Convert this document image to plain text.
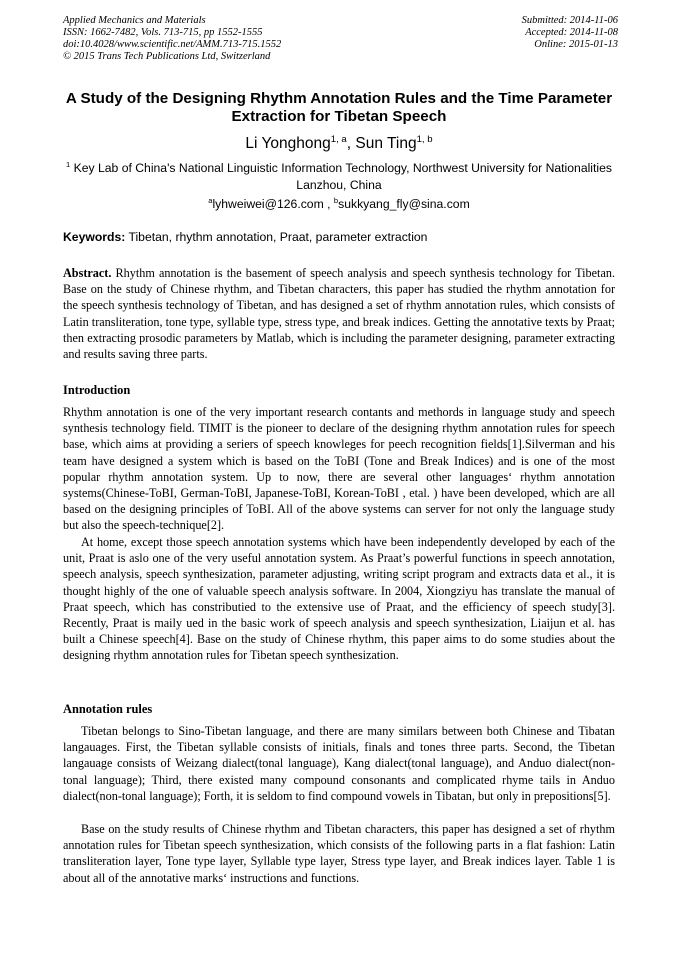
Applied Mechanics and Materials
ISSN: 1662-7482, Vols. 713-715, pp 1552-1555
doi:10.4028/www.scientific.net/AMM.713-715.1552
© 2015 Trans Tech Publications Ltd, Switzerland
Submitted: 2014-11-06
Accepted: 2014-11-08
Online: 2015-01-13
A Study of the Designing Rhythm Annotation Rules and the Time Parameter Extraction for Tibetan Speech
Li Yonghong$^{1, a}$, Sun Ting$^{1, b}$
$^1$ Key Lab of China's National Linguistic Information Technology, Northwest University for Nationalities Lanzhou, China
$^a$lyhweiwei@126.com , $^b$sukkyang_fly@sina.com
Keywords: Tibetan, rhythm annotation, Praat, parameter extraction
Abstract. Rhythm annotation is the basement of speech analysis and speech synthesis technology for Tibetan. Base on the study of Chinese rhythm, and Tibetan characters, this paper has studied the rhythm annotation for the speech synthesis technology of Tibetan, and has designed a set of rhythm annotation rules, which consists of Latin transliteration, tone type, syllable type, stress type, and break indices. Getting the annotative texts by Praat; then extracting prosodic parameters by Matlab, which is including the parameter designing, parameter extracting and results saving three parts.
Introduction
Rhythm annotation is one of the very important research contants and methords in language study and speech synthesis technology field. TIMIT is the pioneer to declare of the designing rhythm annotation rules for speech base, which aims at providing a seriers of speech knowleges for peech recognition fields[1].Silverman and his team have designed a system which is based on the ToBI (Tone and Break Indices) and is one of the most popular rhythm annotation system. Up to now, there are several other languages‘ rhythm annotation systems(Chinese-ToBI, German-ToBI, Japanese-ToBI, Korean-ToBI , etal. ) have been developed, which are all based on the designing principles of ToBI. All of the above systems can server for not only the language study but also the speech-technique[2].
At home, except those speech annotation systems which have been independently developed by each of the unit, Praat is aslo one of the very useful annotation system. As Praat’s powerful functions in speech annotation, speech analysis, speech synthesization, parameter adjusting, writing script program and extracts data et al., it is thought highly of the one of valuable speech analysis software. In 2004, Xiongziyu has translate the manual of Praat speech, which has constributied to the extensive use of Praat, and the efficiency of speech study[3]. Recently, Praat is maily ued in the basic work of speech analysis and speech synthesization, Liaijun et al. has built a Chinese speech[4]. Base on the study of Chinese rhythm, this paper aims to do some studies about the designing rhythm annotation rules for Tibetan speech synthesization.
Annotation rules
Tibetan belongs to Sino-Tibetan language, and there are many similars between both Chinese and Tibatan langauages. First, the Tibetan syllable consists of initials, finals and tones three parts. Second, the Tibetan langauage consists of Weizang dialect(tonal language), Kang dialect(tonal language), and Anduo dialect(non-tonal language); Third, there existed many compound consonants and complicated rhyme tails in Anduo dialect(non-tonal language); Forth, it is seldom to find compound vowels in Tibatan, but only in prepositions[5].
Base on the study results of Chinese rhythm and Tibetan characters, this paper has designed a set of rhythm annotation rules for Tibetan speech synthesization, which consists of the following parts in a flat fashion: Latin transliteration layer, Tone type layer, Syllable type layer, Stress type layer, and Break indices layer. Table 1 is about all of the annotative marks‘ instructions and functions.
